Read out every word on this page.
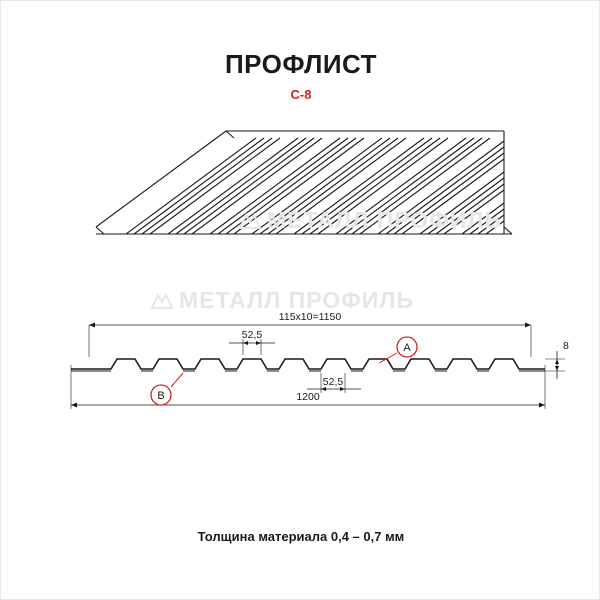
ПРОФЛИСТ
С-8
МЕТАЛЛ ПРОФИЛЬ
МЕТАЛЛ ПРОФИЛЬ
115х10=1150
52,5
52,5
1200
8
A
B
Толщина материала 0,4 – 0,7 мм
